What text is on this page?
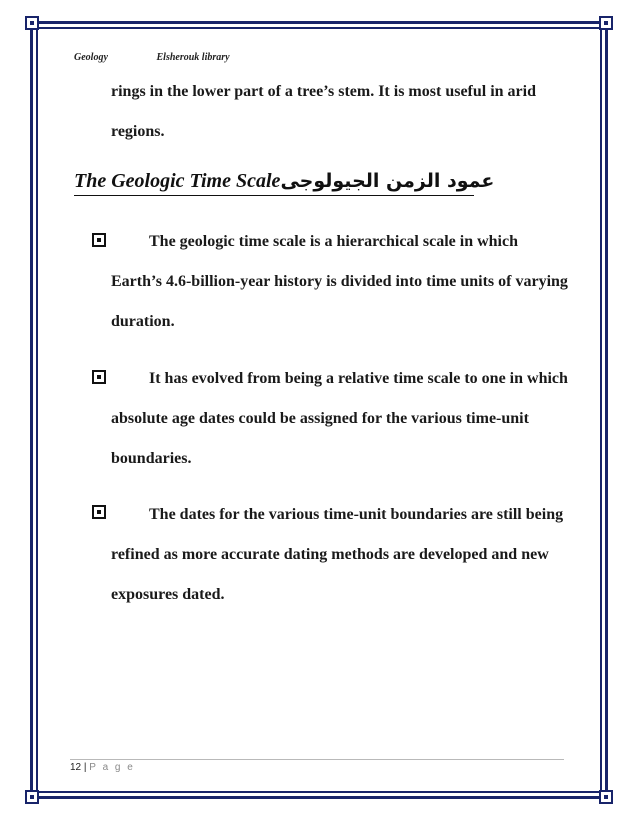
Geology	Elsherouk library
rings in the lower part of a tree’s stem. It is most useful in arid regions.
The Geologic Time Scaleعمود الزمن الجيولوجى
The geologic time scale is a hierarchical scale in which Earth’s 4.6-billion-year history is divided into time units of varying duration.
It has evolved from being a relative time scale to one in which absolute age dates could be assigned for the various time-unit boundaries.
The dates for the various time-unit boundaries are still being refined as more accurate dating methods are developed and new exposures dated.
12 | P a g e
